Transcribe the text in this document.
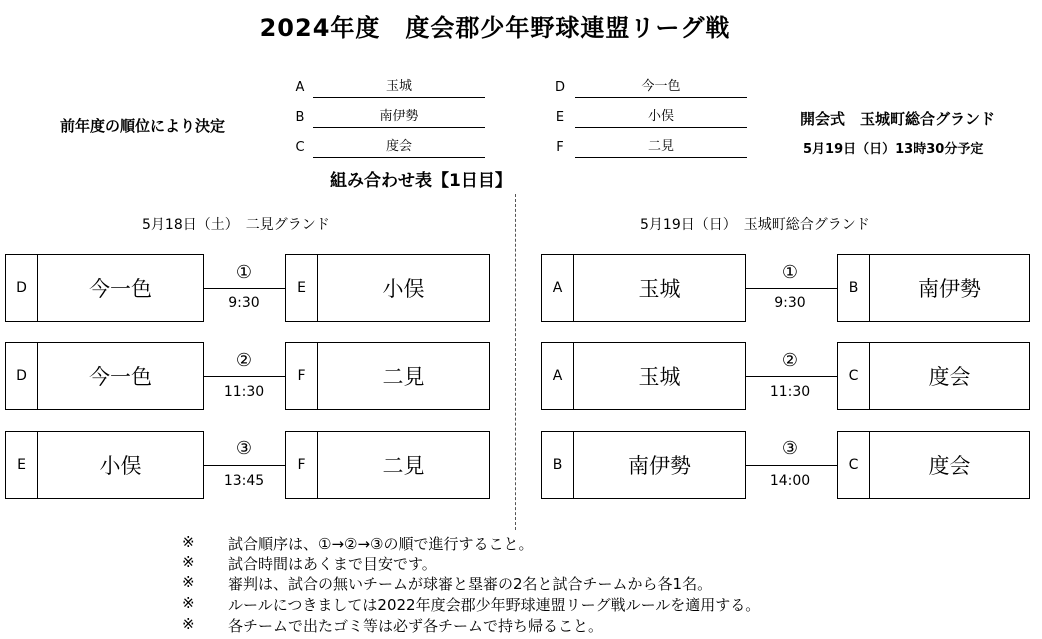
2024年度　度会郡少年野球連盟リーグ戦
前年度の順位により決定
A	玉城
B	南伊勢
C	度会
D	今一色
E	小俣
F	二見
開会式　玉城町総合グランド
5月19日（日）13時30分予定
組み合わせ表【1日目】
5月18日（土）　二見グランド	5月19日（日）　玉城町総合グランド
D	今一色
①
9:30
E	小俣
D	今一色
②
11:30
F	二見
E	小俣
③
13:45
F	二見
A	玉城
①
9:30
B	南伊勢
A	玉城
②
11:30
C	度会
B	南伊勢
③
14:00
C	度会
※ 試合順序は、①→②→③の順で進行すること。
※ 試合時間はあくまで目安です。
※ 審判は、試合の無いチームが球審と塁審の2名と試合チームから各1名。
※ ルールにつきましては2022年度会郡少年野球連盟リーグ戦ルールを適用する。
※ 各チームで出たゴミ等は必ず各チームで持ち帰ること。
